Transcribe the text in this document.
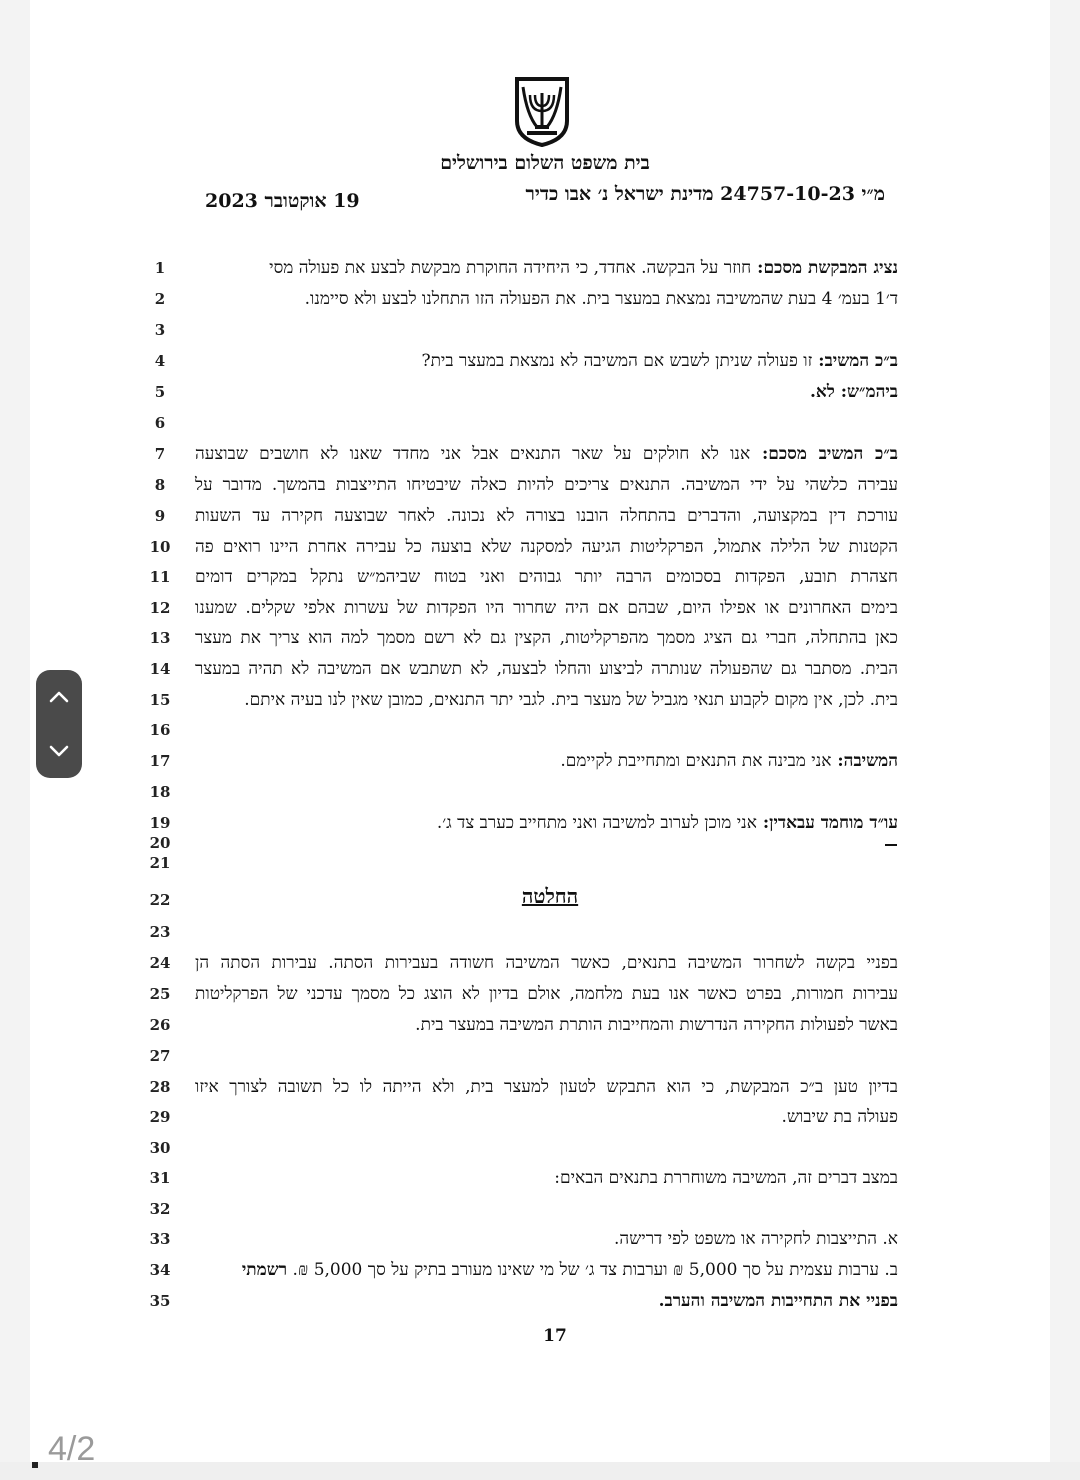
בית משפט השלום בירושלים
מ״י 24757-10-23 מדינת ישראל נ׳ אבו כדיר
19 אוקטובר 2023
1	נציג המבקשת מסכם: חוזר על הבקשה. אחדד, כי היחידה החוקרת מבקשת לבצע את פעולה מסי
2	ד׳1 בעמ׳ 4 בעת שהמשיבה נמצאת במעצר בית. את הפעולה הזו התחלנו לבצע ולא סיימנו.
3
4	ב״כ המשיב: זו פעולה שניתן לשבש אם המשיבה לא נמצאת במעצר בית?
5	ביהמ״ש: לא.
6
7	ב״כ המשיב מסכם: אנו לא חולקים על שאר התנאים אבל אני מחדד שאנו לא חושבים שבוצעה
8	עבירה כלשהי על ידי המשיבה. התנאים צריכים להיות כאלה שיבטיחו התייצבות בהמשך. מדובר על
9	עורכת דין במקצועה, והדברים בהתחלה הובנו בצורה לא נכונה. לאחר שבוצעה חקירה עד השעות
10	הקטנות של הלילה אתמול, הפרקליטות הגיעה למסקנה שלא בוצעה כל עבירה אחרת היינו רואים פה
11	חצהרת תובע, הפקדות בסכומים הרבה יותר גבוהים ואני בטוח שביהמ״ש נתקל במקרים דומים
12	בימים האחרונים או אפילו היום, שבהם אם היה שחרור היו הפקדות של עשרות אלפי שקלים. שמענו
13	כאן בהתחלה, חברי גם הציג מסמך מהפרקליטות, הקצין גם לא רשם מסמך למה הוא צריך את מעצר
14	הבית. מסתבר גם שהפעולה שנותרה לביצוע והחלו לבצעה, לא תשתבש אם המשיבה לא תהיה במעצר
15	בית. לכן, אין מקום לקבוע תנאי מגביל של מעצר בית. לגבי יתר התנאים, כמובן שאין לנו בעיה איתם.
16
17	המשיבה: אני מבינה את התנאים ומתחייבת לקיימם.
18
19	עו״ד מוחמד עבאדין: אני מוכן לערוב למשיבה ואני מתחייב כערב צד ג׳.
20
21
22
23
24	בפניי בקשה לשחרור המשיבה בתנאים, כאשר המשיבה חשודה בעבירות הסתה. עבירות הסתה הן
25	עבירות חמורות, בפרט כאשר אנו בעת מלחמה, אולם בדיון לא הוצג כל מסמך עדכני של הפרקליטות
26	באשר לפעולות החקירה הנדרשות והמחייבות הותרת המשיבה במעצר בית.
27
28	בדיון טען ב״כ המבקשת, כי הוא התבקש לטעון למעצר בית, ולא הייתה לו כל תשובה לצורך איזו
29	פעולה בת שיבוש.
30
31	במצב דברים זה, המשיבה משוחררת בתנאים הבאים:
32
33	א. התייצבות לחקירה או משפט לפי דרישה.
34	ב. ערבות עצמית על סך 5,000 ₪ וערבות צד ג׳ של מי שאינו מעורב בתיק על סך 5,000 ₪. רשמתי
35	בפניי את התחייבות המשיבה והערב.
החלטה
17
4/2
